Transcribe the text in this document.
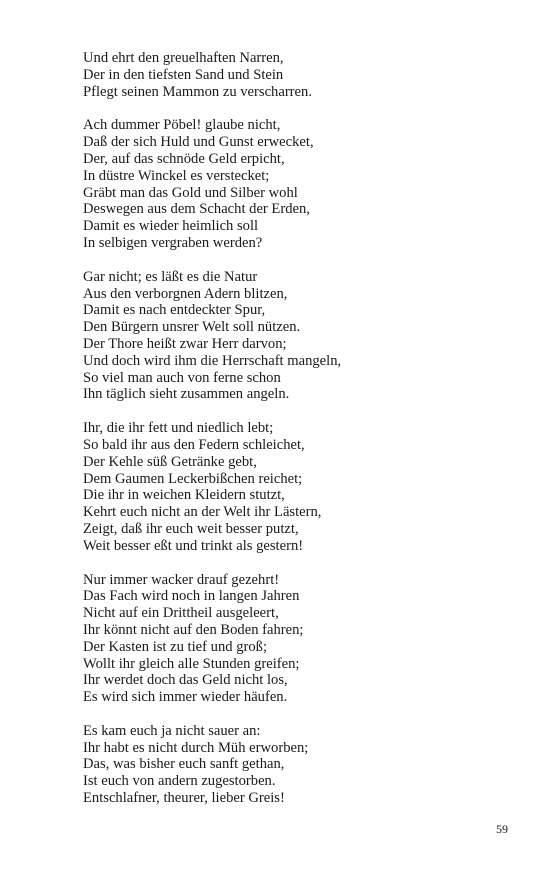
Und ehrt den greuelhaften Narren,
Der in den tiefsten Sand und Stein
Pflegt seinen Mammon zu verscharren.
Ach dummer Pöbel! glaube nicht,
Daß der sich Huld und Gunst erwecket,
Der, auf das schnöde Geld erpicht,
In düstre Winckel es verstecket;
Gräbt man das Gold und Silber wohl
Deswegen aus dem Schacht der Erden,
Damit es wieder heimlich soll
In selbigen vergraben werden?
Gar nicht; es läßt es die Natur
Aus den verborgnen Adern blitzen,
Damit es nach entdeckter Spur,
Den Bürgern unsrer Welt soll nützen.
Der Thore heißt zwar Herr darvon;
Und doch wird ihm die Herrschaft mangeln,
So viel man auch von ferne schon
Ihn täglich sieht zusammen angeln.
Ihr, die ihr fett und niedlich lebt;
So bald ihr aus den Federn schleichet,
Der Kehle süß Getränke gebt,
Dem Gaumen Leckerbißchen reichet;
Die ihr in weichen Kleidern stutzt,
Kehrt euch nicht an der Welt ihr Lästern,
Zeigt, daß ihr euch weit besser putzt,
Weit besser eßt und trinkt als gestern!
Nur immer wacker drauf gezehrt!
Das Fach wird noch in langen Jahren
Nicht auf ein Drittheil ausgeleert,
Ihr könnt nicht auf den Boden fahren;
Der Kasten ist zu tief und groß;
Wollt ihr gleich alle Stunden greifen;
Ihr werdet doch das Geld nicht los,
Es wird sich immer wieder häufen.
Es kam euch ja nicht sauer an:
Ihr habt es nicht durch Müh erworben;
Das, was bisher euch sanft gethan,
Ist euch von andern zugestorben.
Entschlafner, theurer, lieber Greis!
59
